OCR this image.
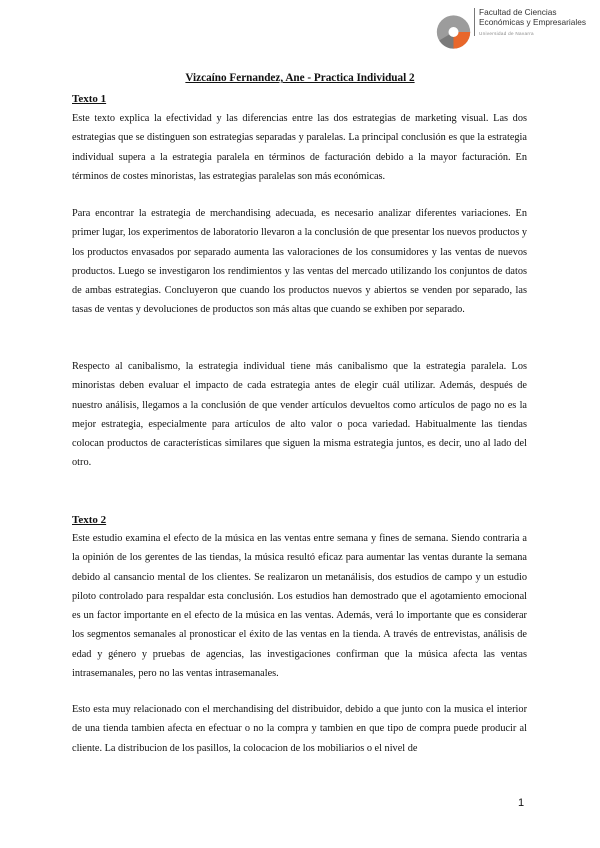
Facultad de Ciencias
Económicas y Empresariales
Universidad de Navarra
Vizcaíno Fernandez, Ane - Practica Individual 2
Texto 1

Este texto explica la efectividad y las diferencias entre las dos estrategias de marketing visual. Las dos estrategias que se distinguen son estrategias separadas y paralelas. La principal conclusión es que la estrategia individual supera a la estrategia paralela en términos de facturación debido a la mayor facturación. En términos de costes minoristas, las estrategias paralelas son más económicas.

Para encontrar la estrategia de merchandising adecuada, es necesario analizar diferentes variaciones. En primer lugar, los experimentos de laboratorio llevaron a la conclusión de que presentar los nuevos productos y los productos envasados por separado aumenta las valoraciones de los consumidores y las ventas de nuevos productos. Luego se investigaron los rendimientos y las ventas del mercado utilizando los conjuntos de datos de ambas estrategias. Concluyeron que cuando los productos nuevos y abiertos se venden por separado, las tasas de ventas y devoluciones de productos son más altas que cuando se exhiben por separado.

Respecto al canibalismo, la estrategia individual tiene más canibalismo que la estrategia paralela. Los minoristas deben evaluar el impacto de cada estrategia antes de elegir cuál utilizar. Además, después de nuestro análisis, llegamos a la conclusión de que vender artículos devueltos como artículos de pago no es la mejor estrategia, especialmente para artículos de alto valor o poca variedad. Habitualmente las tiendas colocan productos de características similares que siguen la misma estrategia juntos, es decir, uno al lado del otro.

Texto 2

Este estudio examina el efecto de la música en las ventas entre semana y fines de semana. Siendo contraria a la opinión de los gerentes de las tiendas, la música resultó eficaz para aumentar las ventas durante la semana debido al cansancio mental de los clientes. Se realizaron un metanálisis, dos estudios de campo y un estudio piloto controlado para respaldar esta conclusión. Los estudios han demostrado que el agotamiento emocional es un factor importante en el efecto de la música en las ventas. Además, verá lo importante que es considerar los segmentos semanales al pronosticar el éxito de las ventas en la tienda. A través de entrevistas, análisis de edad y género y pruebas de agencias, las investigaciones confirman que la música afecta las ventas intrasemanales, pero no las ventas intrasemanales.

Esto esta muy relacionado con el merchandising del distribuidor, debido a que junto con la musica el interior de una tienda tambien afecta en efectuar o no la compra y tambien en que tipo de compra puede producir al cliente. La distribucion de los pasillos, la colocacion de los mobiliarios o el nivel de

1
